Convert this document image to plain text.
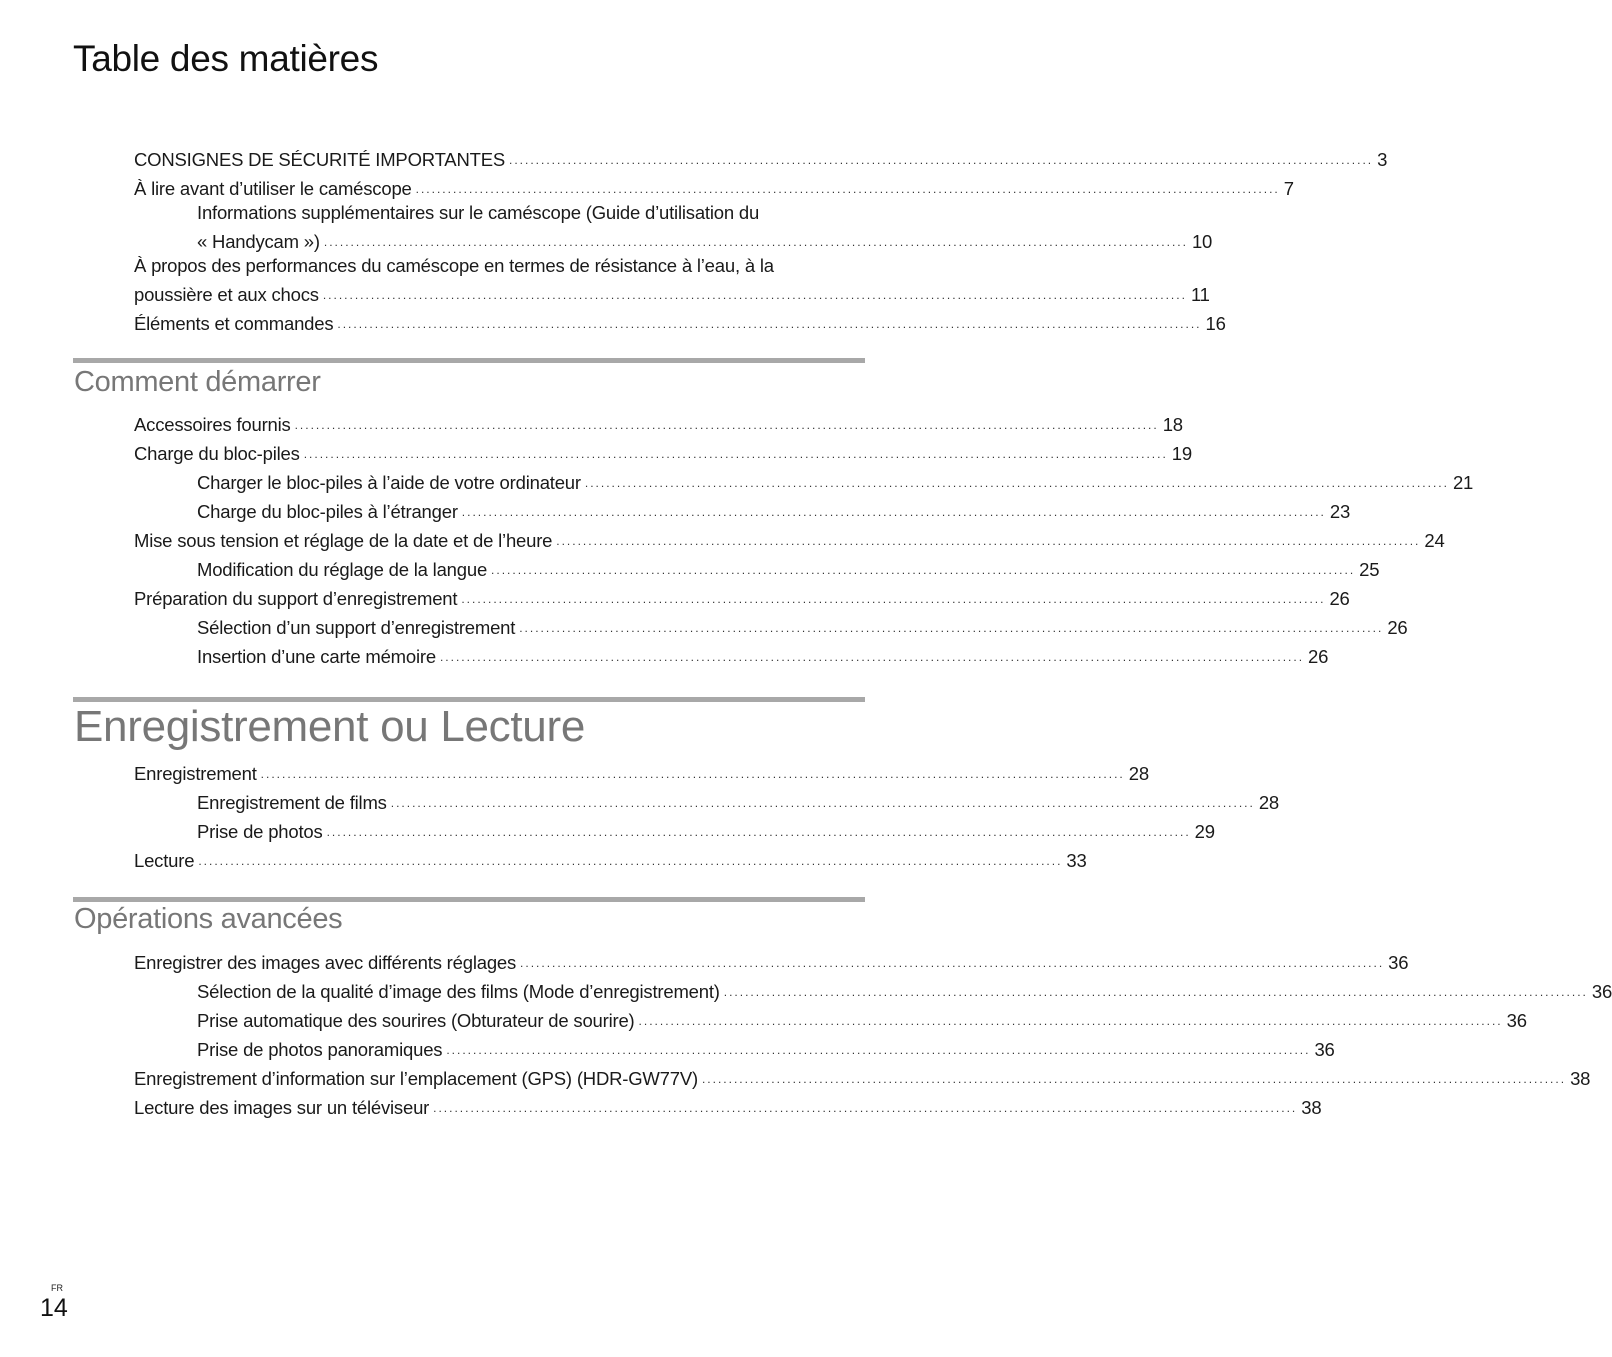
Table des matières
CONSIGNES DE SÉCURITÉ IMPORTANTES .................................................................................................................................................................. 3
À lire avant d’utiliser le caméscope .................................................................................................................................................................. 7
Informations supplémentaires sur le caméscope (Guide d’utilisation du
« Handycam ») .................................................................................................................................................................. 10
À propos des performances du caméscope en termes de résistance à l’eau, à la
poussière et aux chocs .................................................................................................................................................................. 11
Éléments et commandes .................................................................................................................................................................. 16
Comment démarrer
Accessoires fournis .................................................................................................................................................................. 18
Charge du bloc-piles .................................................................................................................................................................. 19
Charger le bloc-piles à l’aide de votre ordinateur .................................................................................................................................................................. 21
Charge du bloc-piles à l’étranger .................................................................................................................................................................. 23
Mise sous tension et réglage de la date et de l’heure .................................................................................................................................................................. 24
Modification du réglage de la langue .................................................................................................................................................................. 25
Préparation du support d’enregistrement .................................................................................................................................................................. 26
Sélection d’un support d’enregistrement .................................................................................................................................................................. 26
Insertion d’une carte mémoire .................................................................................................................................................................. 26
Enregistrement ou Lecture
Enregistrement .................................................................................................................................................................. 28
Enregistrement de films .................................................................................................................................................................. 28
Prise de photos .................................................................................................................................................................. 29
Lecture .................................................................................................................................................................. 33
Opérations avancées
Enregistrer des images avec différents réglages .................................................................................................................................................................. 36
Sélection de la qualité d’image des films (Mode d’enregistrement) .................................................................................................................................................................. 36
Prise automatique des sourires (Obturateur de sourire) .................................................................................................................................................................. 36
Prise de photos panoramiques .................................................................................................................................................................. 36
Enregistrement d’information sur l’emplacement (GPS) (HDR-GW77V) .................................................................................................................................................................. 38
Lecture des images sur un téléviseur .................................................................................................................................................................. 38
FR
14
